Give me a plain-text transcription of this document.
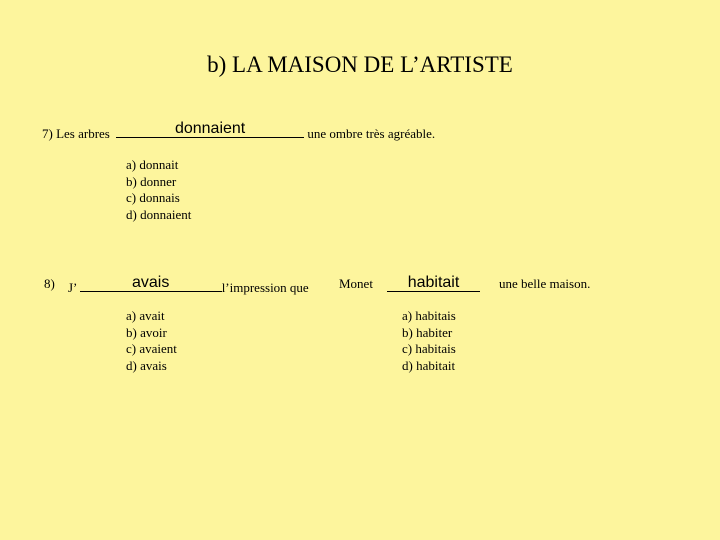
b) LA MAISON DE L’ARTISTE
7) Les arbres	donnaient	une ombre très agréable.
a) donnait
b) donner
c) donnais
d) donnaient
8) J’	avais	l’impression que Monet	habitait	une belle maison.
a) avait
b) avoir
c) avaient
d) avais
a) habitais
b) habiter
c) habitais
d) habitait
